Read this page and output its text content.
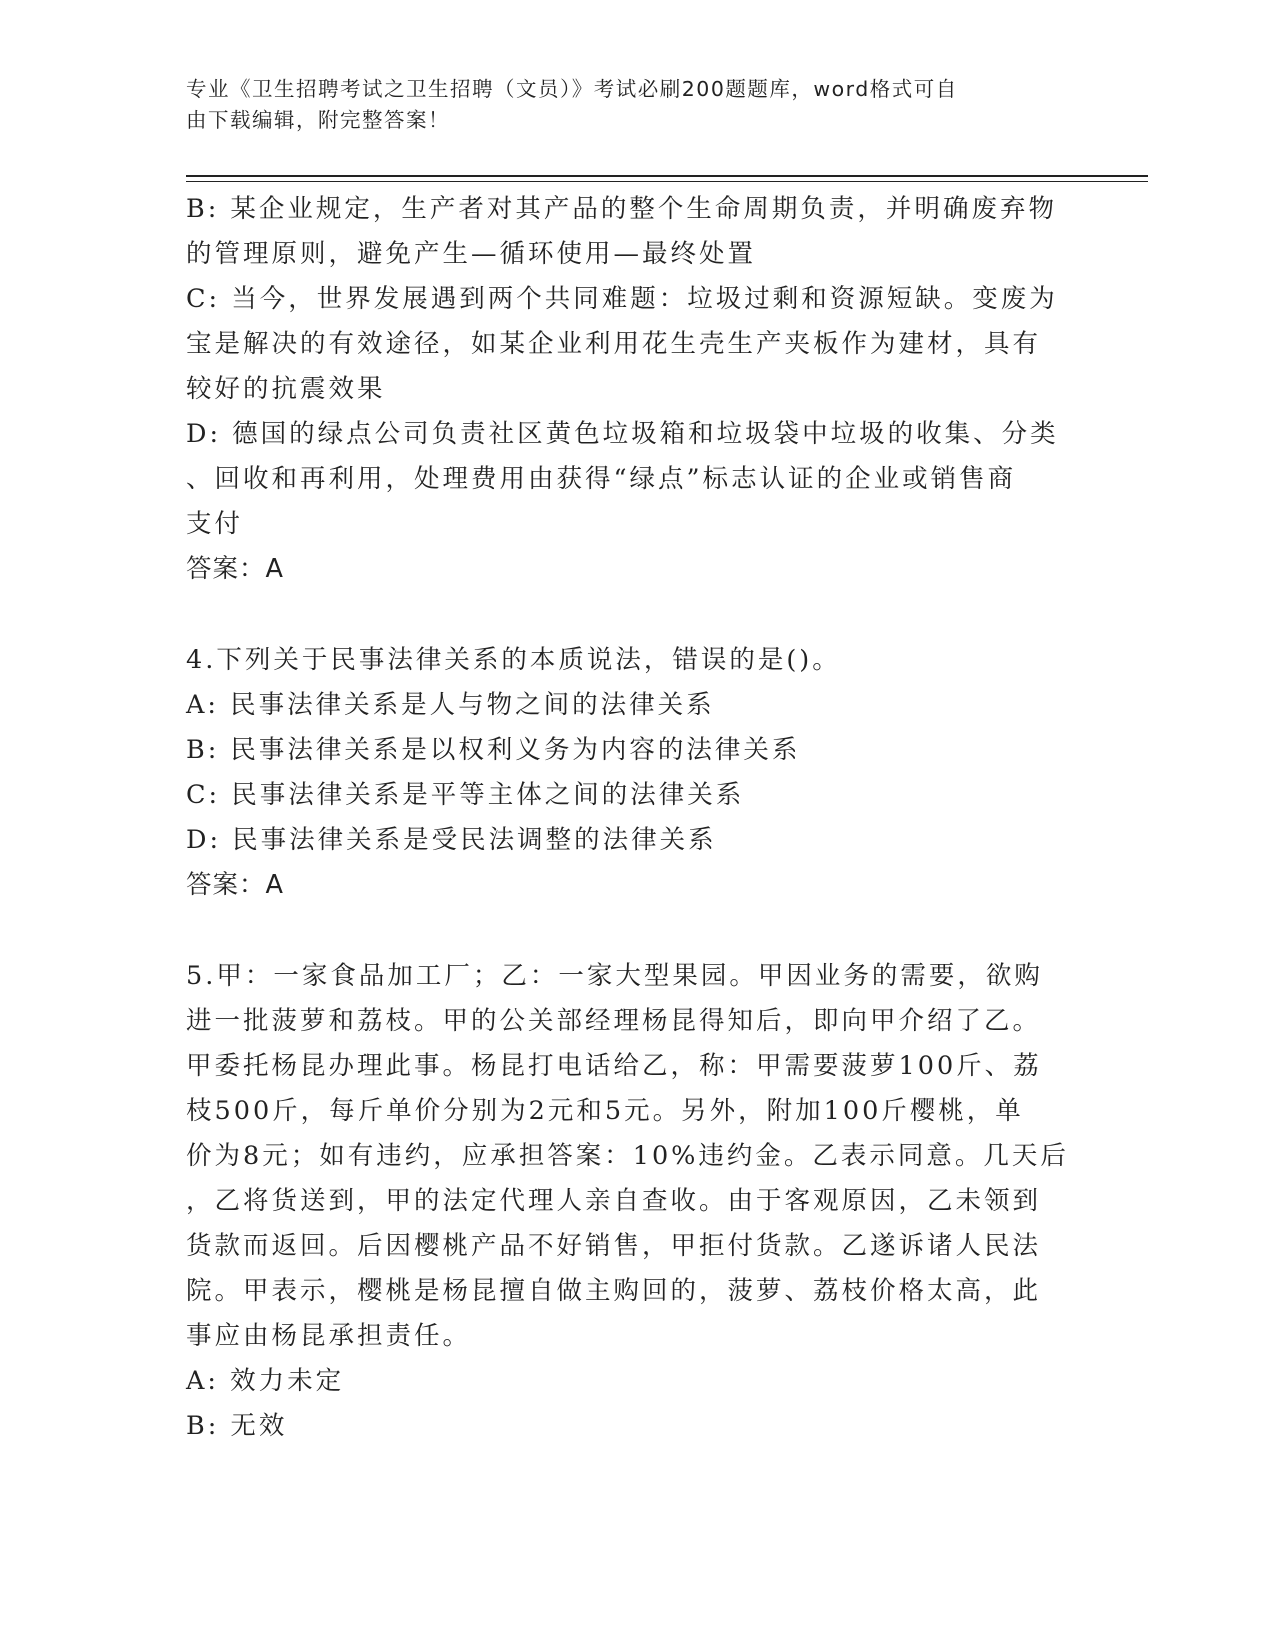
专业《卫生招聘考试之卫生招聘（文员）》考试必刷200题题库，word格式可自
由下载编辑，附完整答案！
B: 某企业规定，生产者对其产品的整个生命周期负责，并明确废弃物
的管理原则，避免产生—循环使用—最终处置
C: 当今，世界发展遇到两个共同难题：垃圾过剩和资源短缺。变废为
宝是解决的有效途径，如某企业利用花生壳生产夹板作为建材，具有
较好的抗震效果
D: 德国的绿点公司负责社区黄色垃圾箱和垃圾袋中垃圾的收集、分类
、回收和再利用，处理费用由获得“绿点”标志认证的企业或销售商
支付
答案：A
4.下列关于民事法律关系的本质说法，错误的是()。
A: 民事法律关系是人与物之间的法律关系
B: 民事法律关系是以权利义务为内容的法律关系
C: 民事法律关系是平等主体之间的法律关系
D: 民事法律关系是受民法调整的法律关系
答案：A
5.甲：一家食品加工厂；乙：一家大型果园。甲因业务的需要，欲购
进一批菠萝和荔枝。甲的公关部经理杨昆得知后，即向甲介绍了乙。
甲委托杨昆办理此事。杨昆打电话给乙，称：甲需要菠萝100斤、荔
枝500斤，每斤单价分别为2元和5元。另外，附加100斤樱桃，单
价为8元；如有违约，应承担答案：10%违约金。乙表示同意。几天后
，乙将货送到，甲的法定代理人亲自查收。由于客观原因，乙未领到
货款而返回。后因樱桃产品不好销售，甲拒付货款。乙遂诉诸人民法
院。甲表示，樱桃是杨昆擅自做主购回的，菠萝、荔枝价格太高，此
事应由杨昆承担责任。
A: 效力未定
B: 无效
